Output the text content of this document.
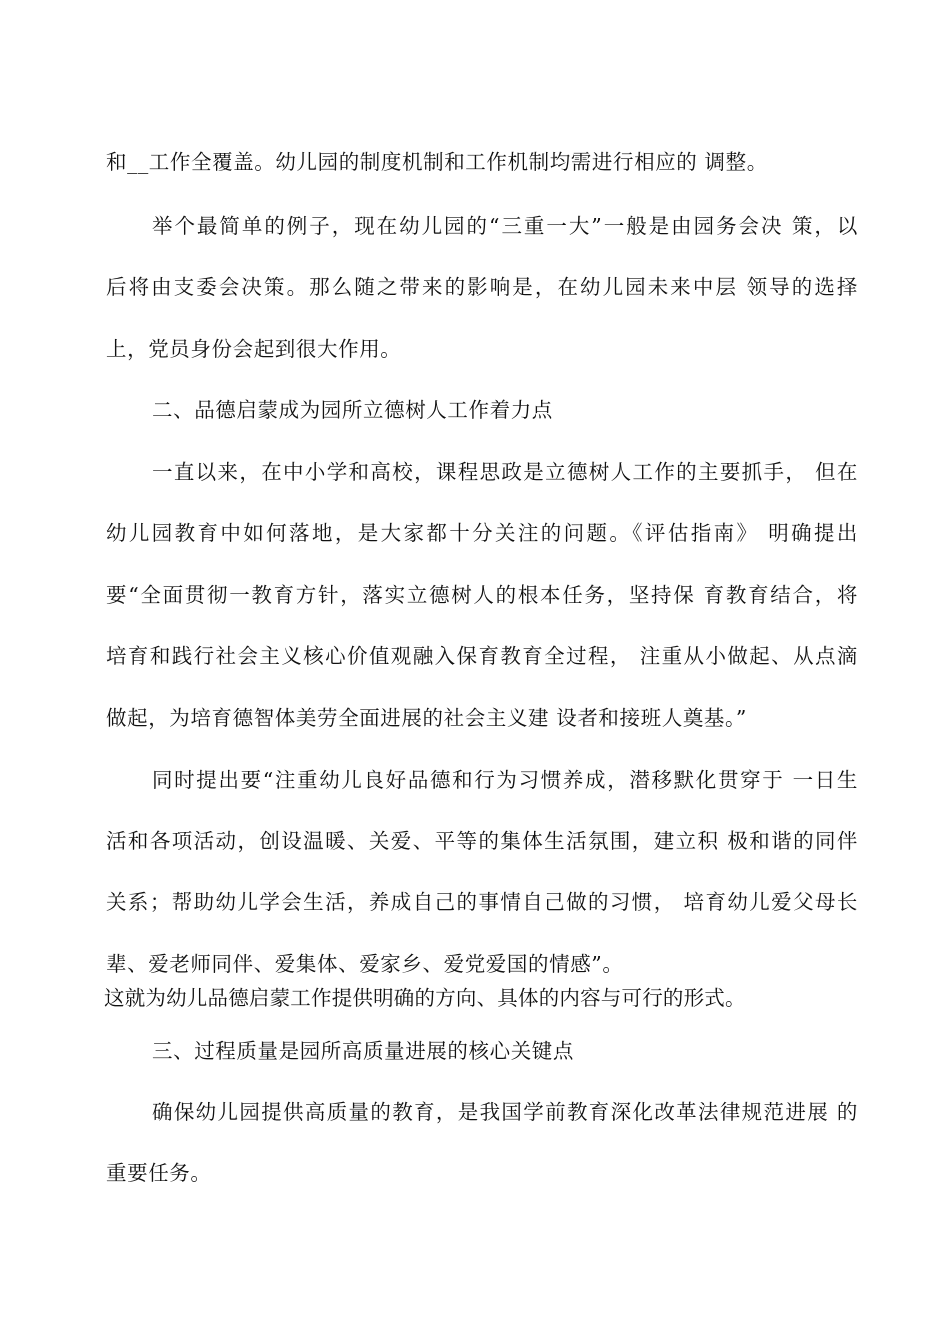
和__工作全覆盖。幼儿园的制度机制和工作机制均需进行相应的 调整。
举个最简单的例子，现在幼儿园的“三重一大”一般是由园务会决 策，以
后将由支委会决策。那么随之带来的影响是，在幼儿园未来中层 领导的选择
上，党员身份会起到很大作用。
二、品德启蒙成为园所立德树人工作着力点
一直以来，在中小学和高校，课程思政是立德树人工作的主要抓手， 但在
幼儿园教育中如何落地，是大家都十分关注的问题。《评估指南》 明确提出
要“全面贯彻一教育方针，落实立德树人的根本任务，坚持保 育教育结合，将
培育和践行社会主义核心价值观融入保育教育全过程， 注重从小做起、从点滴
做起，为培育德智体美劳全面进展的社会主义建 设者和接班人奠基。”
同时提出要“注重幼儿良好品德和行为习惯养成，潜移默化贯穿于 一日生
活和各项活动，创设温暖、关爱、平等的集体生活氛围，建立积 极和谐的同伴
关系；帮助幼儿学会生活，养成自己的事情自己做的习惯， 培育幼儿爱父母长
辈、爱老师同伴、爱集体、爱家乡、爱党爱国的情感”。
这就为幼儿品德启蒙工作提供明确的方向、具体的内容与可行的形式。
三、过程质量是园所高质量进展的核心关键点
确保幼儿园提供高质量的教育，是我国学前教育深化改革法律规范进展 的
重要任务。
